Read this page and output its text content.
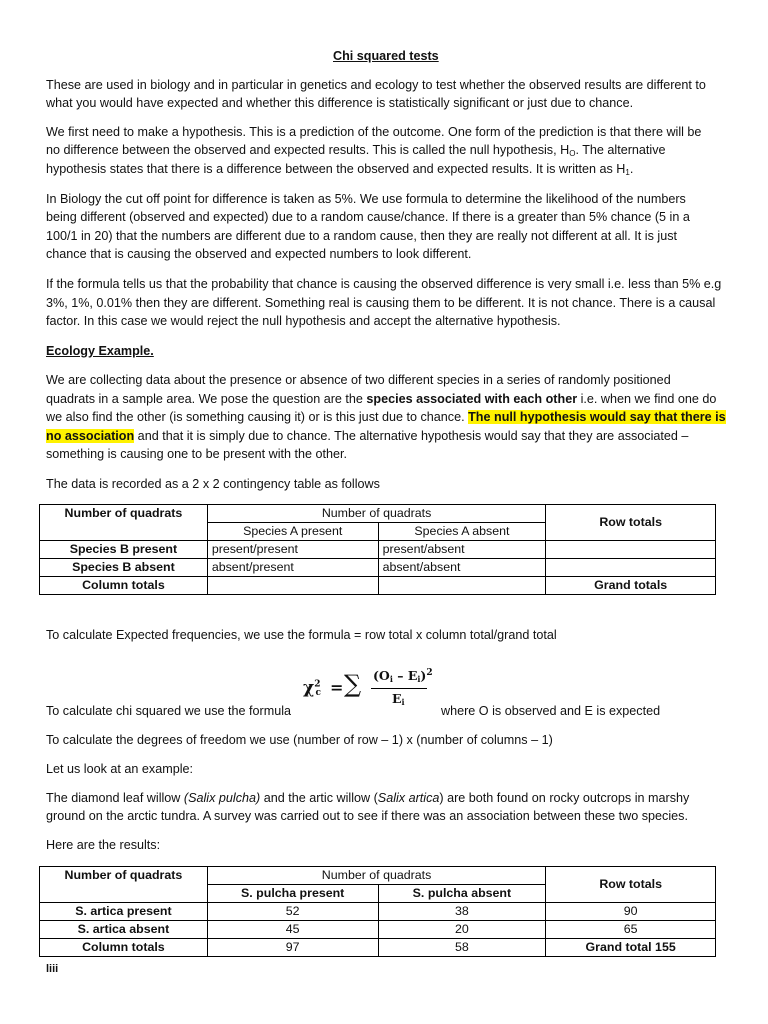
Chi squared tests
These are used in biology and in particular in genetics and ecology to test whether the observed results are different to
what you would have expected and whether this difference is statistically significant or just due to chance.
We first need to make a hypothesis. This is a prediction of the outcome. One form of the prediction is that there will be
no difference between the observed and expected results. This is called the null hypothesis, $H_O$. The alternative
hypothesis states that there is a difference between the observed and expected results. It is written as $H_1$.
In Biology the cut off point for difference is taken as 5%. We use formula to determine the likelihood of the numbers
being different (observed and expected) due to a random cause/chance. If there is a greater than 5% chance (5 in a
100/1 in 20) that the numbers are different due to a random cause, then they are really not different at all. It is just
chance that is causing the observed and expected numbers to look different.
If the formula tells us that the probability that chance is causing the observed difference is very small i.e. less than 5% e.g
3%, 1%, 0.01% then they are different. Something real is causing them to be different. It is not chance. There is a causal
factor. In this case we would reject the null hypothesis and accept the alternative hypothesis.
Ecology Example.
We are collecting data about the presence or absence of two different species in a series of randomly positioned
quadrats in a sample area. We pose the question are the species associated with each other i.e. when we find one do
we also find the other (is something causing it) or is this just due to chance. The null hypothesis would say that there is
no association and that it is simply due to chance. The alternative hypothesis would say that they are associated –
something is causing one to be present with the other.
The data is recorded as a 2 x 2 contingency table as follows
Number of quadrats	Number of quadrats		Row totals
	Species A present	Species A absent	
Species B present	present/present	present/absent	
Species B absent	absent/present	absent/absent	
Column totals			Grand totals
To calculate Expected frequencies, we use the formula = row total x column total/grand total
$\chi^2_c$ = ∑ $(O_i - E_i)^2$
$E_i$
To calculate chi squared we use the formula	where O is observed and E is expected
To calculate the degrees of freedom we use (number of row – 1) x (number of columns – 1)
Let us look at an example:
The diamond leaf willow (Salix pulcha) and the artic willow (Salix artica) are both found on rocky outcrops in marshy
ground on the arctic tundra. A survey was carried out to see if there was an association between these two species.
Here are the results:
Number of quadrats	Number of quadrats		Row totals
	S. pulcha present	S. pulcha absent	
S. artica present	52	38	90
S. artica absent	45	20	65
Column totals	97	58	Grand total 155
liii
